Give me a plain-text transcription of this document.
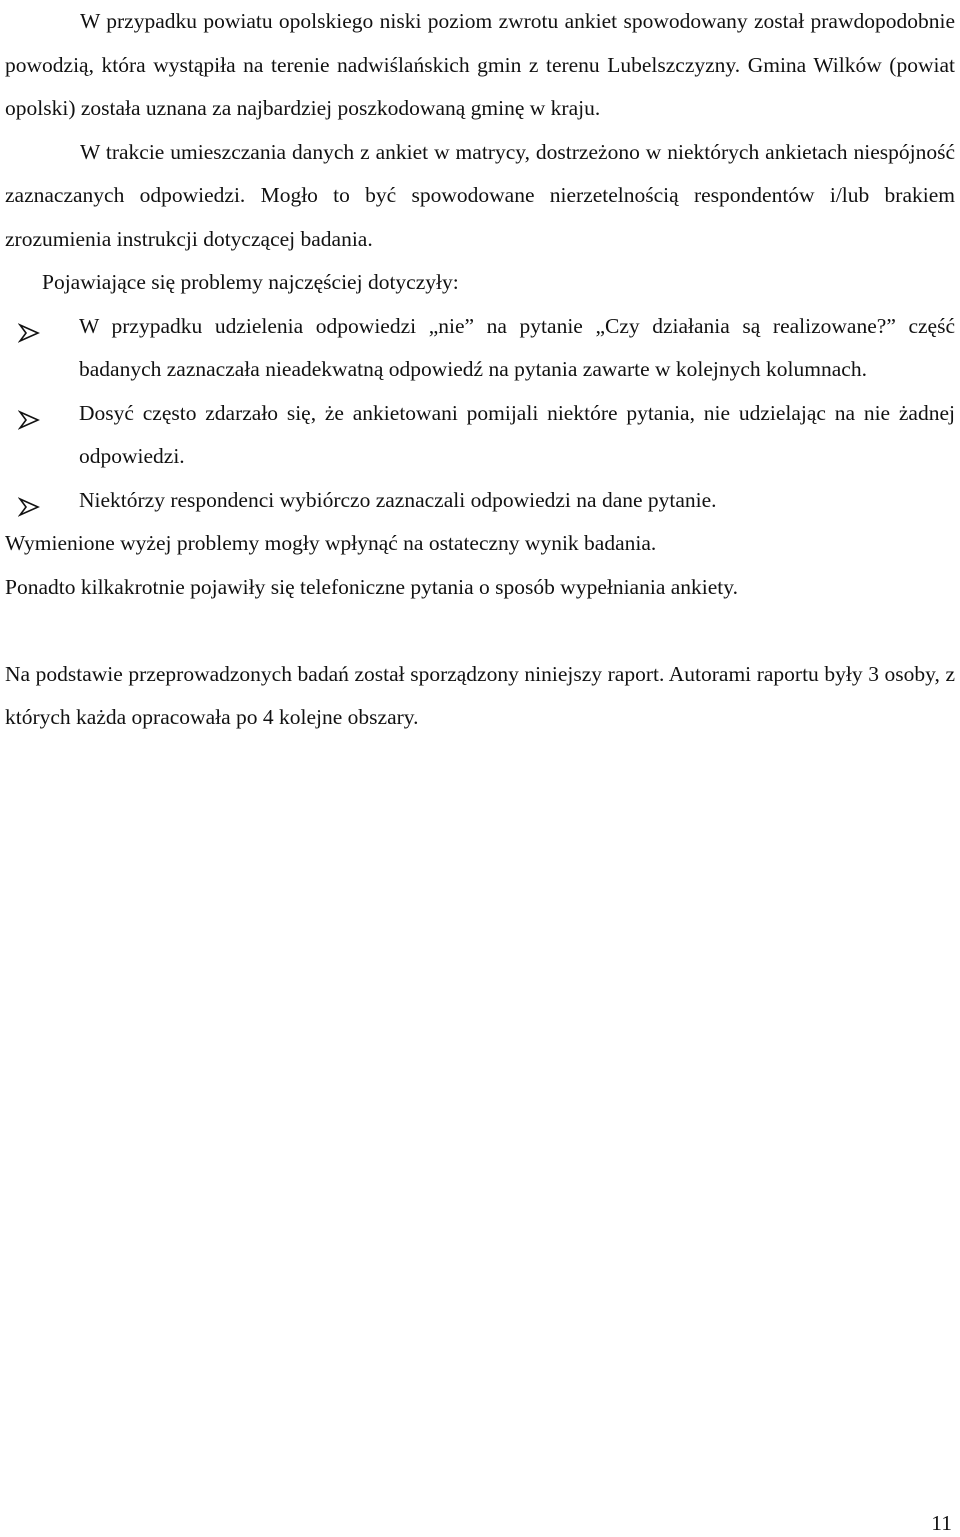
W przypadku powiatu opolskiego niski poziom zwrotu ankiet spowodowany został prawdopodobnie powodzią, która wystąpiła na terenie nadwiślańskich gmin z terenu Lubelszczyzny. Gmina Wilków (powiat opolski) została uznana za najbardziej poszkodowaną gminę w kraju.

W trakcie umieszczania danych z ankiet w matrycy, dostrzeżono w niektórych ankietach niespójność zaznaczanych odpowiedzi. Mogło to być spowodowane nierzetelnością respondentów i/lub brakiem zrozumienia instrukcji dotyczącej badania.

Pojawiające się problemy najczęściej dotyczyły:

W przypadku udzielenia odpowiedzi „nie” na pytanie „Czy działania są realizowane?” część badanych zaznaczała nieadekwatną odpowiedź na pytania zawarte w kolejnych kolumnach.
Dosyć często zdarzało się, że ankietowani pomijali niektóre pytania, nie udzielając na nie żadnej odpowiedzi.
Niektórzy respondenci wybiórczo zaznaczali odpowiedzi na dane pytanie.

Wymienione wyżej problemy mogły wpłynąć na ostateczny wynik badania.

Ponadto kilkakrotnie pojawiły się telefoniczne pytania o sposób wypełniania ankiety.

Na podstawie przeprowadzonych badań został sporządzony niniejszy raport. Autorami raportu były 3 osoby, z których każda opracowała po 4 kolejne obszary.

11
